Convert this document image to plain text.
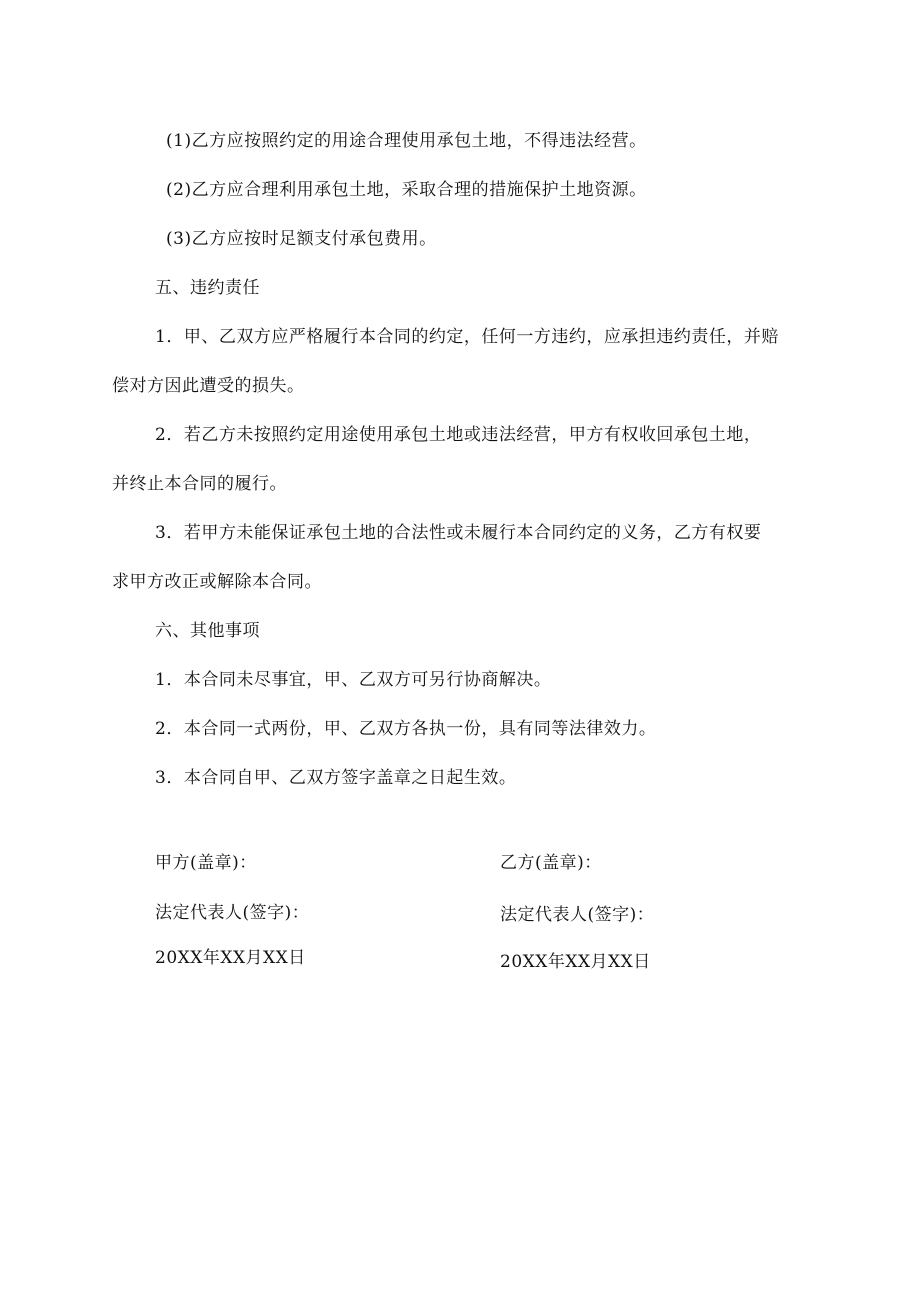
(1)乙方应按照约定的用途合理使用承包土地，不得违法经营。
(2)乙方应合理利用承包土地，采取合理的措施保护土地资源。
(3)乙方应按时足额支付承包费用。
五、违约责任
1．甲、乙双方应严格履行本合同的约定，任何一方违约，应承担违约责任，并赔
偿对方因此遭受的损失。
2．若乙方未按照约定用途使用承包土地或违法经营，甲方有权收回承包土地，
并终止本合同的履行。
3．若甲方未能保证承包土地的合法性或未履行本合同约定的义务，乙方有权要
求甲方改正或解除本合同。
六、其他事项
1．本合同未尽事宜，甲、乙双方可另行协商解决。
2．本合同一式两份，甲、乙双方各执一份，具有同等法律效力。
3．本合同自甲、乙双方签字盖章之日起生效。
甲方(盖章)：	乙方(盖章)：
法定代表人(签字)：	法定代表人(签字)：
20XX年XX月XX日	20XX年XX月XX日
